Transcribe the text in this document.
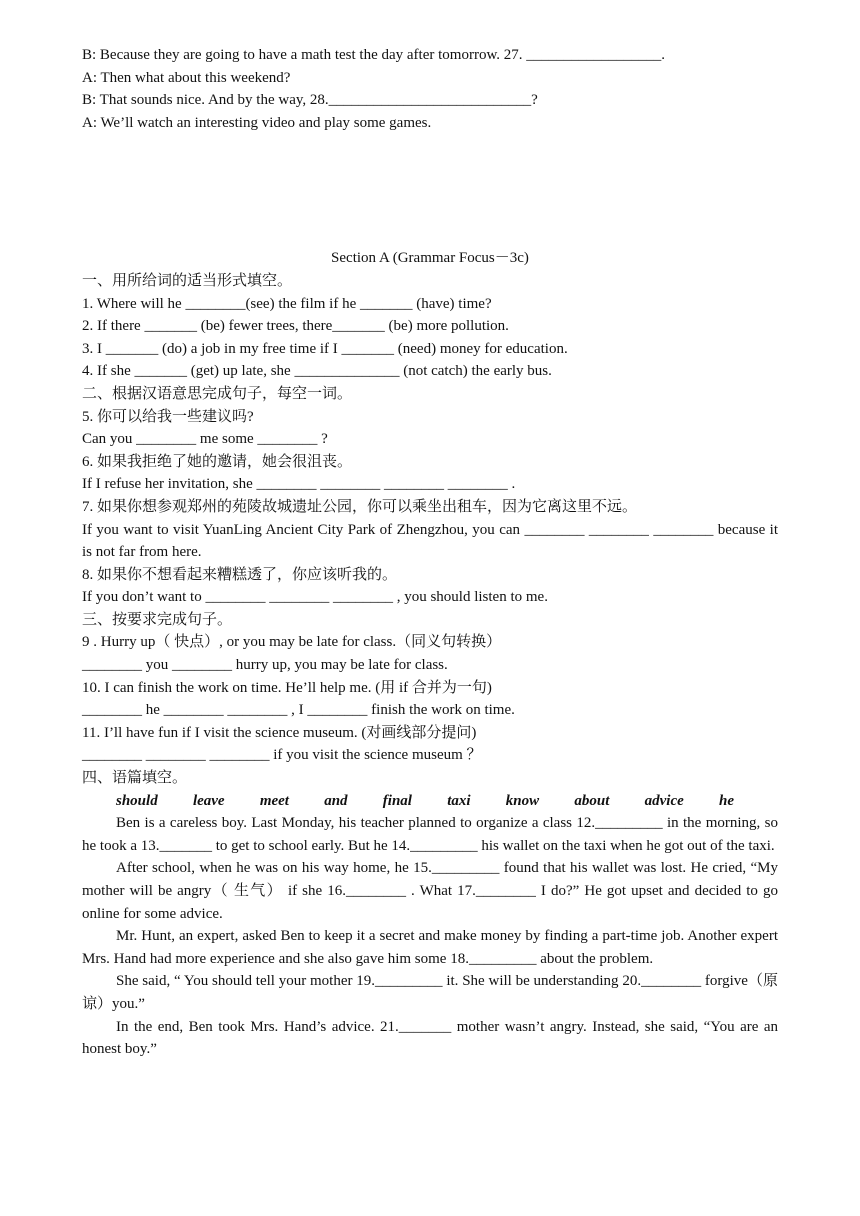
B: Because they are going to have a math test the day after tomorrow. 27. __________________.
A: Then what about this weekend?
B: That sounds nice. And by the way, 28.___________________________?
A: We’ll watch an interesting video and play some games.
Section A (Grammar Focus－3c)
一、用所给词的适当形式填空。
1. Where will he ________(see) the film if he _______ (have) time?
2. If there _______ (be) fewer trees, there_______ (be) more pollution.
3. I _______ (do) a job in my free time if I _______ (need) money for education.
4. If she _______ (get) up late, she ______________ (not catch) the early bus.
二、根据汉语意思完成句子，每空一词。
5. 你可以给我一些建议吗?
Can you ________ me some ________ ?
6. 如果我拒绝了她的邀请，她会很沮丧。
If I refuse her invitation, she ________ ________ ________ ________ .
7. 如果你想参观郑州的苑陵故城遗址公园，你可以乘坐出租车，因为它离这里不远。
If you want to visit YuanLing Ancient City Park of Zhengzhou, you can ________ ________ ________ because it is not far from here.
8. 如果你不想看起来糟糕透了，你应该听我的。
If you don’t want to ________ ________ ________ , you should listen to me.
三、按要求完成句子。
9 . Hurry up（ 快点）, or you may be late for class.（同义句转换）
________ you ________ hurry up, you may be late for class.
10. I can finish the work on time. He’ll help me. (用 if 合并为一句)
________ he ________ ________ , I ________ finish the work on time.
11. I’ll have fun if I visit the science museum. (对画线部分提问)
________ ________ ________ if you visit the science museum ？
四、语篇填空。
should leave meet and final taxi know about advice he
Ben is a careless boy. Last Monday, his teacher planned to organize a class 12._________ in the morning, so he took a 13._______ to get to school early. But he 14._________ his wallet on the taxi when he got out of the taxi.
After school, when he was on his way home, he 15._________ found that his wallet was lost. He cried, “My mother will be angry（ 生气） if she 16.________ . What 17.________ I do?” He got upset and decided to go online for some advice.
Mr. Hunt, an expert, asked Ben to keep it a secret and make money by finding a part-time job. Another expert Mrs. Hand had more experience and she also gave him some 18._________ about the problem.
She said, “ You should tell your mother 19._________ it. She will be understanding 20.________ forgive（原谅）you.”
In the end, Ben took Mrs. Hand’s advice. 21._______ mother wasn’t angry. Instead, she said, “You are an honest boy.”
